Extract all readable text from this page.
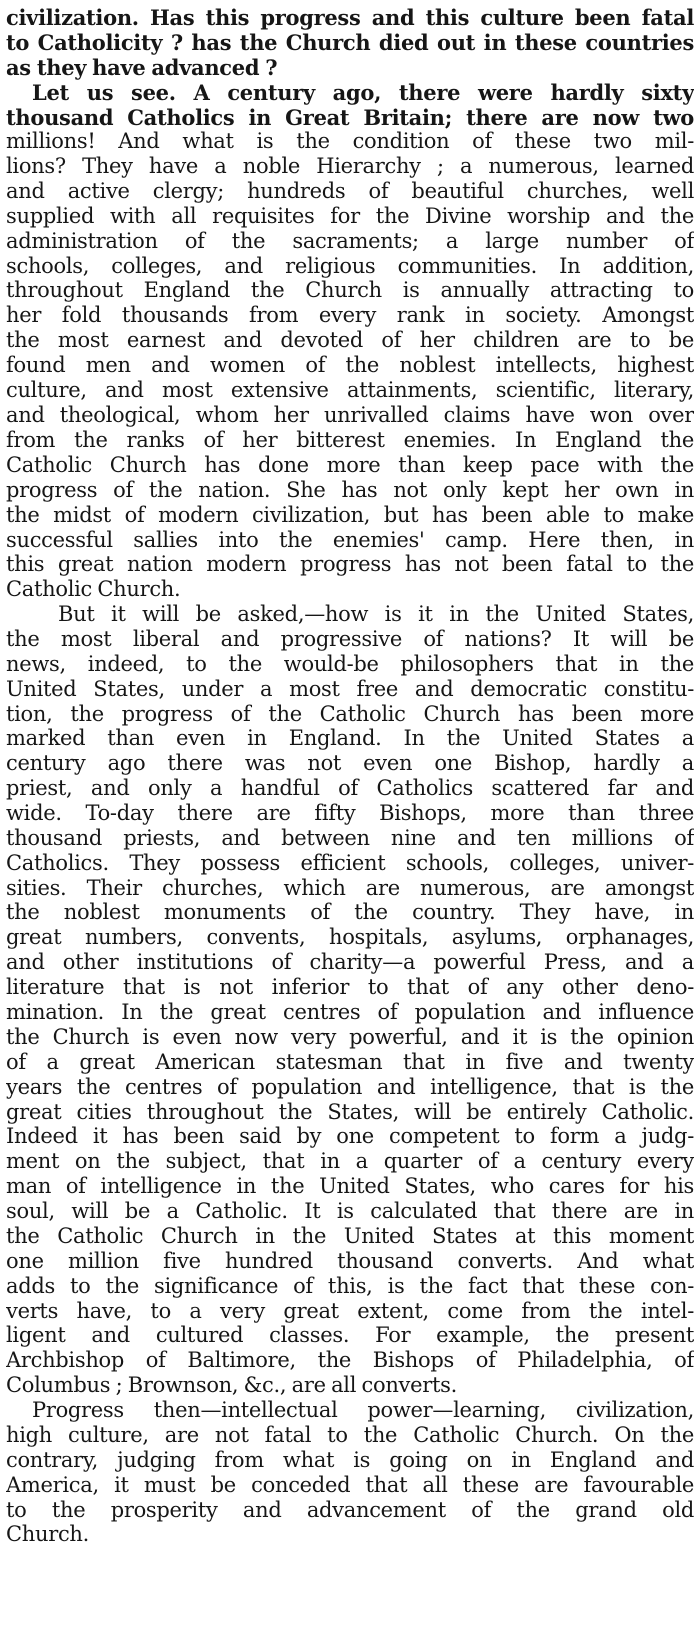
civilization. Has this progress and this culture been fatal
to Catholicity ? has the Church died out in these countries
as they have advanced ?
Let us see. A century ago, there were hardly sixty
thousand Catholics in Great Britain; there are now two
millions! And what is the condition of these two mil-
lions? They have a noble Hierarchy ; a numerous, learned
and active clergy; hundreds of beautiful churches, well
supplied with all requisites for the Divine worship and the
administration of the sacraments; a large number of
schools, colleges, and religious communities. In addition,
throughout England the Church is annually attracting to
her fold thousands from every rank in society. Amongst
the most earnest and devoted of her children are to be
found men and women of the noblest intellects, highest
culture, and most extensive attainments, scientific, literary,
and theological, whom her unrivalled claims have won over
from the ranks of her bitterest enemies. In England the
Catholic Church has done more than keep pace with the
progress of the nation. She has not only kept her own in
the midst of modern civilization, but has been able to make
successful sallies into the enemies' camp. Here then, in
this great nation modern progress has not been fatal to the
Catholic Church.
But it will be asked,—how is it in the United States,
the most liberal and progressive of nations? It will be
news, indeed, to the would-be philosophers that in the
United States, under a most free and democratic constitu-
tion, the progress of the Catholic Church has been more
marked than even in England. In the United States a
century ago there was not even one Bishop, hardly a
priest, and only a handful of Catholics scattered far and
wide. To-day there are fifty Bishops, more than three
thousand priests, and between nine and ten millions of
Catholics. They possess efficient schools, colleges, univer-
sities. Their churches, which are numerous, are amongst
the noblest monuments of the country. They have, in
great numbers, convents, hospitals, asylums, orphanages,
and other institutions of charity—a powerful Press, and a
literature that is not inferior to that of any other deno-
mination. In the great centres of population and influence
the Church is even now very powerful, and it is the opinion
of a great American statesman that in five and twenty
years the centres of population and intelligence, that is the
great cities throughout the States, will be entirely Catholic.
Indeed it has been said by one competent to form a judg-
ment on the subject, that in a quarter of a century every
man of intelligence in the United States, who cares for his
soul, will be a Catholic. It is calculated that there are in
the Catholic Church in the United States at this moment
one million five hundred thousand converts. And what
adds to the significance of this, is the fact that these con-
verts have, to a very great extent, come from the intel-
ligent and cultured classes. For example, the present
Archbishop of Baltimore, the Bishops of Philadelphia, of
Columbus ; Brownson, &c., are all converts.
Progress then—intellectual power—learning, civilization,
high culture, are not fatal to the Catholic Church. On the
contrary, judging from what is going on in England and
America, it must be conceded that all these are favourable
to the prosperity and advancement of the grand old
Church.
